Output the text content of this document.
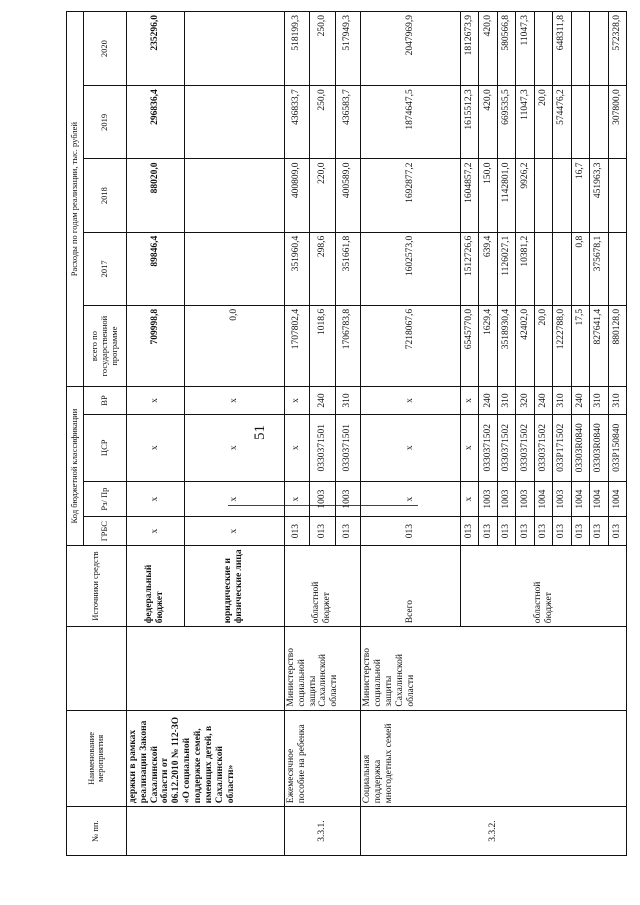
51
№ пп.	Наименование мероприятия		Источники средств	Код бюджетной классификации				Расходы по годам реализации, тыс. рублей				
				ГРБС	Рз/ Пр	ЦСР	ВР	всего по государственной программе	2017	2018	2019	2020
	держки в рамках реализации Закона Сахалинской области от 06.12.2010 № 112-ЗО «О социальной поддержке семей, имеющих детей, в Сахалинской области»		федеральный бюджет	x	x	x	x	709998,8	89846,4	88020,0	296836,4	235296,0
			юридические и физические лица	x	x	x	x	0,0				
3.3.1.	Ежемесячное пособие на ребенка	Министерство социальной защиты Сахалинской области	областной бюджет	013	x	x	x	1707802,4	351960,4	400809,0	436833,7	518199,3
				013	1003	0330371501	240	1018,6	298,6	220,0	250,0	250,0
				013	1003	0330371501	310	1706783,8	351661,8	400589,0	436583,7	517949,3
3.3.2.	Социальная поддержка многодетных семей	Министерство социальной защиты Сахалинской области	Всего	013	x	x	x	7218067,6	1602573,0	1692877,2	1874647,5	2047969,9
			областной бюджет	013	x	x	x	6545770,0	1512726,6	1604857,2	1615512,3	1812673,9
				013	1003	0330371502	240	1629,4	639,4	150,0	420,0	420,0
				013	1003	0330371502	310	3518930,4	1126027,1	1142801,0	669535,5	580566,8
				013	1003	0330371502	320	42402,0	10381,2	9926,2	11047,3	11047,3
				013	1004	0330371502	240	20,0			20,0	
				013	1003	033P171502	310	1222788,0			574476,2	648311,8
				013	1004	03303R0840	240	17,5	0,8	16,7		
				013	1004	03303R0840	310	827641,4	375678,1	451963,3		
				013	1004	033P150840	310	880128,0			307800,0	572328,0
